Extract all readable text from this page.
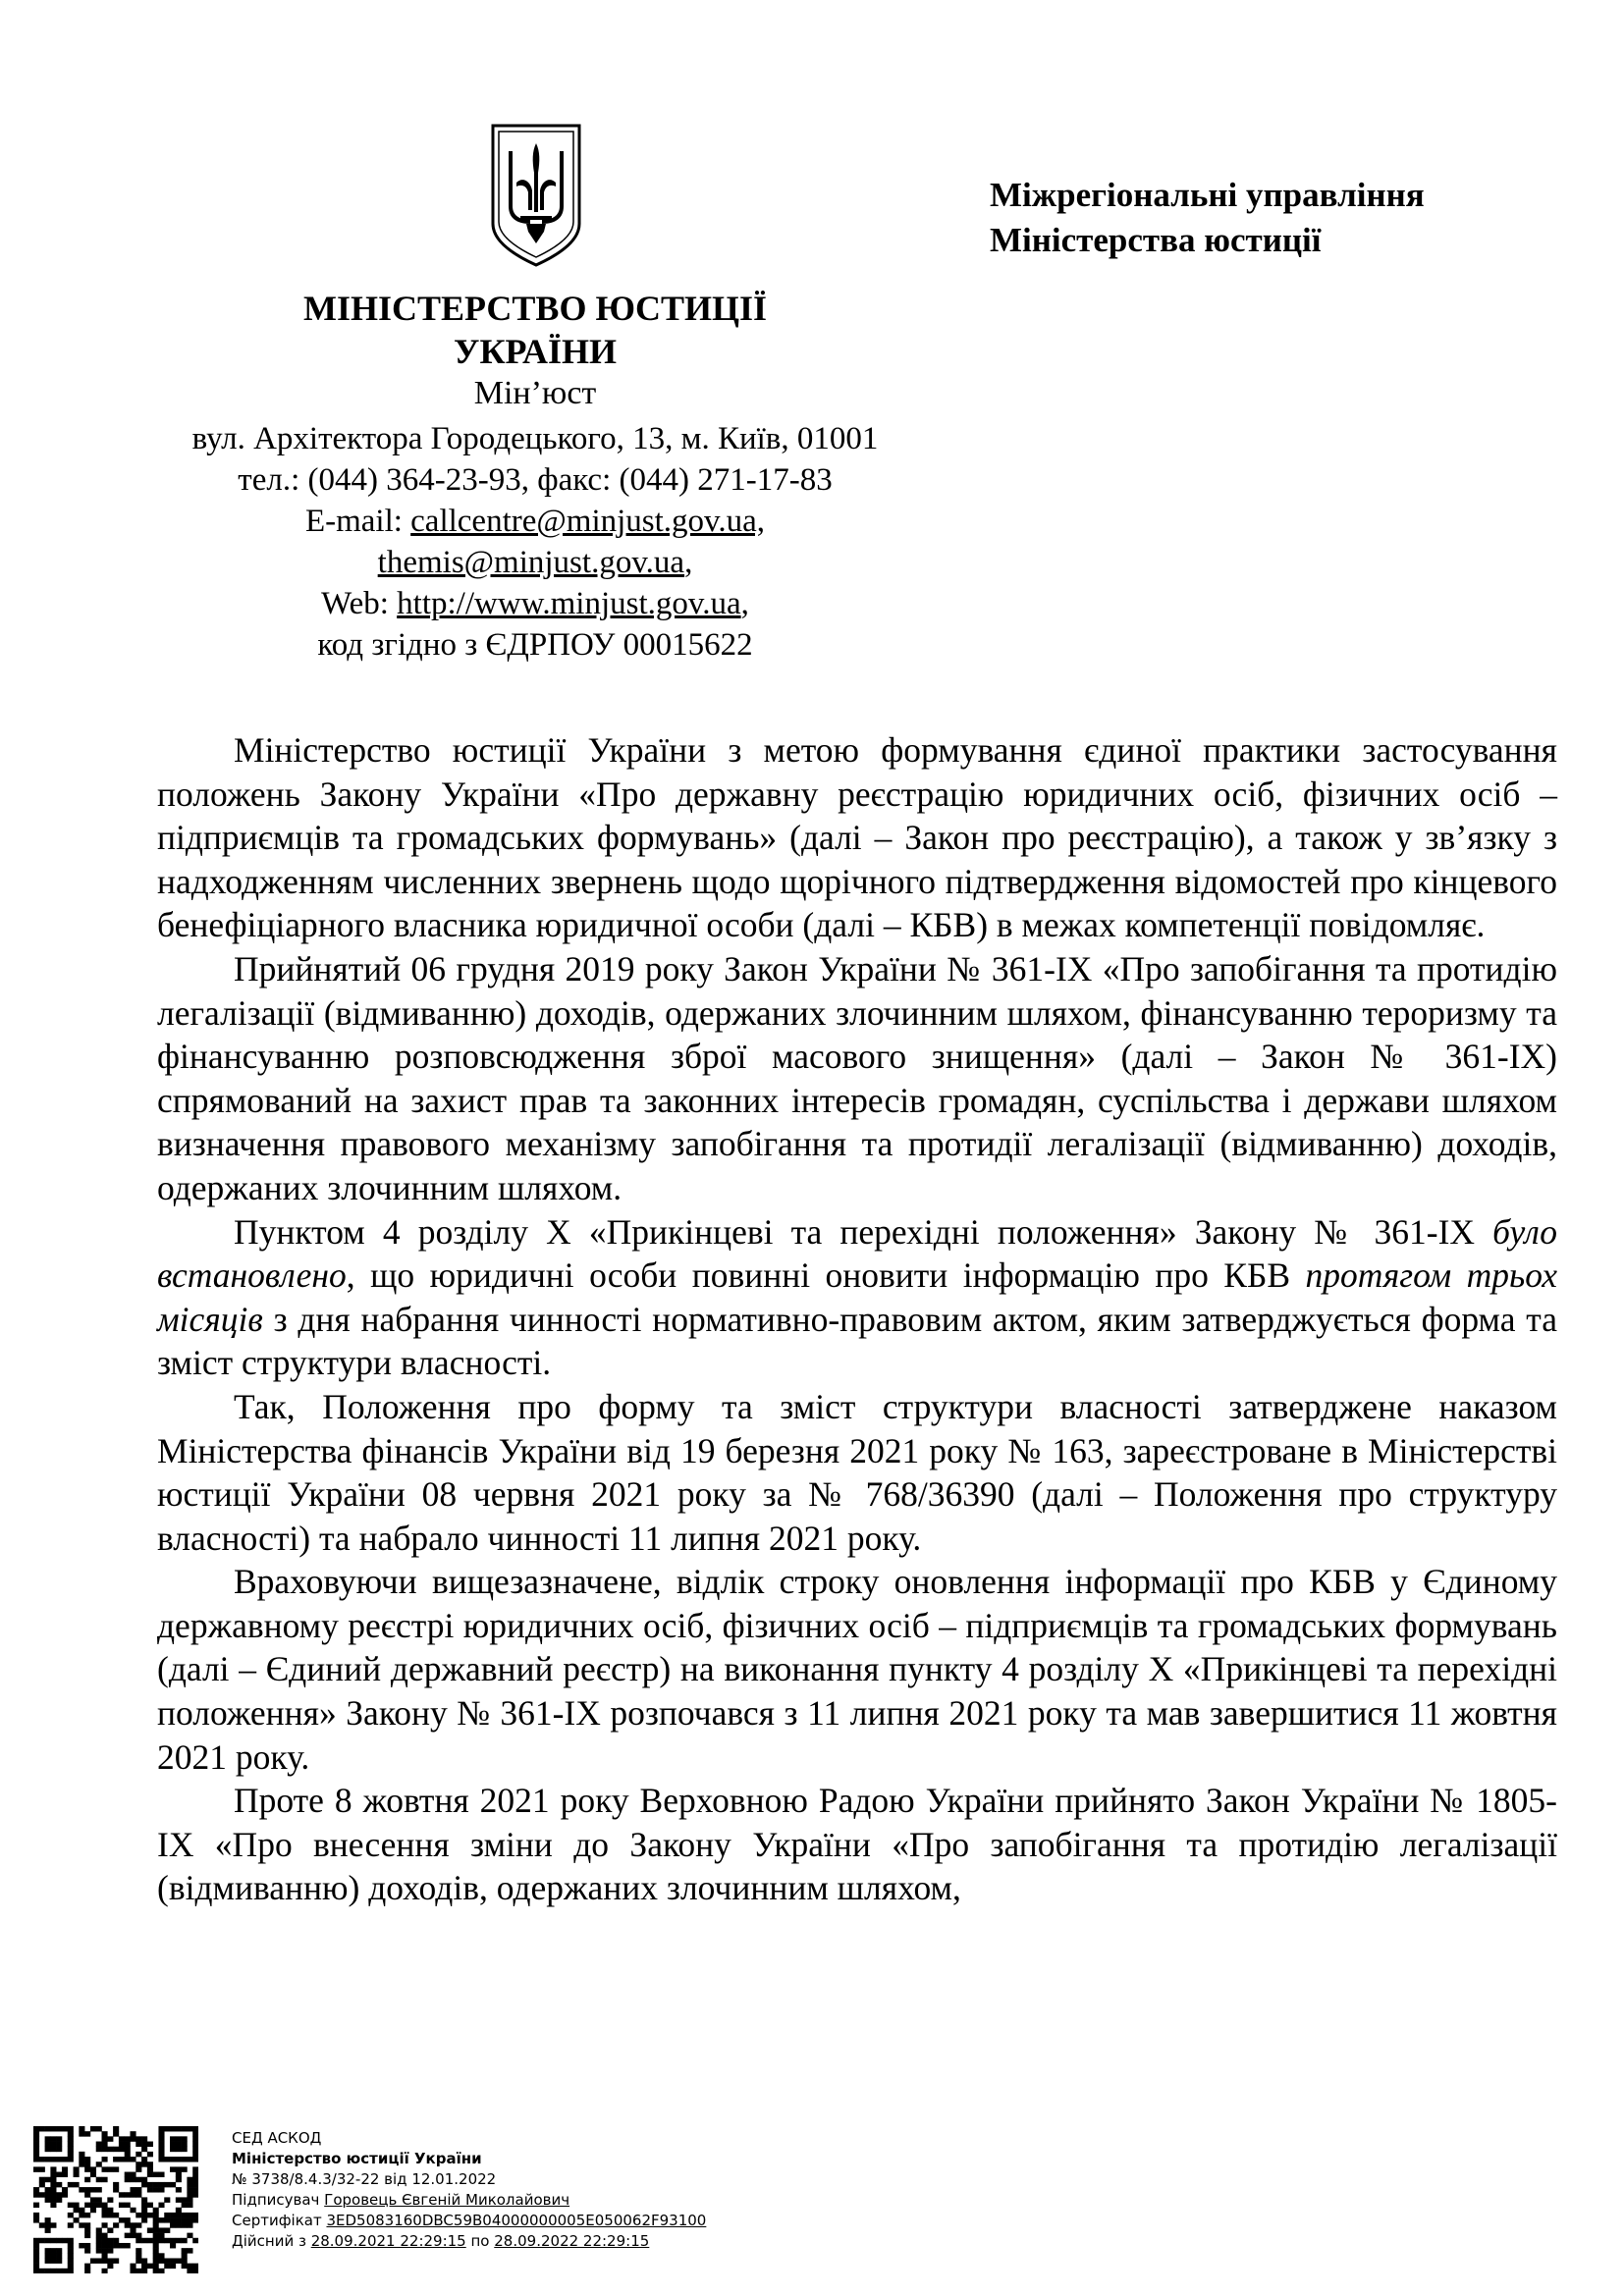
МІНІСТЕРСТВО ЮСТИЦІЇ
УКРАЇНИ
Мін’юст
вул. Архітектора Городецького, 13, м. Київ, 01001
тел.: (044) 364-23-93, факс: (044) 271-17-83
E-mail: callcentre@minjust.gov.ua,
themis@minjust.gov.ua,
Web: http://www.minjust.gov.ua,
код згідно з ЄДРПОУ 00015622
Міжрегіональні управління
Міністерства юстиції

Міністерство юстиції України з метою формування єдиної практики застосування положень Закону України «Про державну реєстрацію юридичних осіб, фізичних осіб – підприємців та громадських формувань» (далі – Закон про реєстрацію), а також у зв’язку з надходженням численних звернень щодо щорічного підтвердження відомостей про кінцевого бенефіціарного власника юридичної особи (далі – КБВ) в межах компетенції повідомляє.

Прийнятий 06 грудня 2019 року Закон України № 361-IX «Про запобігання та протидію легалізації (відмиванню) доходів, одержаних злочинним шляхом, фінансуванню тероризму та фінансуванню розповсюдження зброї масового знищення» (далі – Закон № 361-IX) спрямований на захист прав та законних інтересів громадян, суспільства і держави шляхом визначення правового механізму запобігання та протидії легалізації (відмиванню) доходів, одержаних злочинним шляхом.

Пунктом 4 розділу Х «Прикінцеві та перехідні положення» Закону № 361-IX було встановлено, що юридичні особи повинні оновити інформацію про КБВ протягом трьох місяців з дня набрання чинності нормативно-правовим актом, яким затверджується форма та зміст структури власності.

Так, Положення про форму та зміст структури власності затверджене наказом Міністерства фінансів України від 19 березня 2021 року № 163, зареєстроване в Міністерстві юстиції України 08 червня 2021 року за № 768/36390 (далі – Положення про структуру власності) та набрало чинності 11 липня 2021 року.

Враховуючи вищезазначене, відлік строку оновлення інформації про КБВ у Єдиному державному реєстрі юридичних осіб, фізичних осіб – підприємців та громадських формувань (далі – Єдиний державний реєстр) на виконання пункту 4 розділу Х «Прикінцеві та перехідні положення» Закону № 361-IX розпочався з 11 липня 2021 року та мав завершитися 11 жовтня 2021 року.

Проте 8 жовтня 2021 року Верховною Радою України прийнято Закон України № 1805-IX «Про внесення зміни до Закону України «Про запобігання та протидію легалізації (відмиванню) доходів, одержаних злочинним шляхом,

СЕД АСКОД
Міністерство юстиції України
№ 3738/8.4.3/32-22 від 12.01.2022
Підписувач Горовець Євгеній Миколайович
Сертифікат 3ED5083160DBC59B04000000005E050062F93100
Дійсний з 28.09.2021 22:29:15 по 28.09.2022 22:29:15
